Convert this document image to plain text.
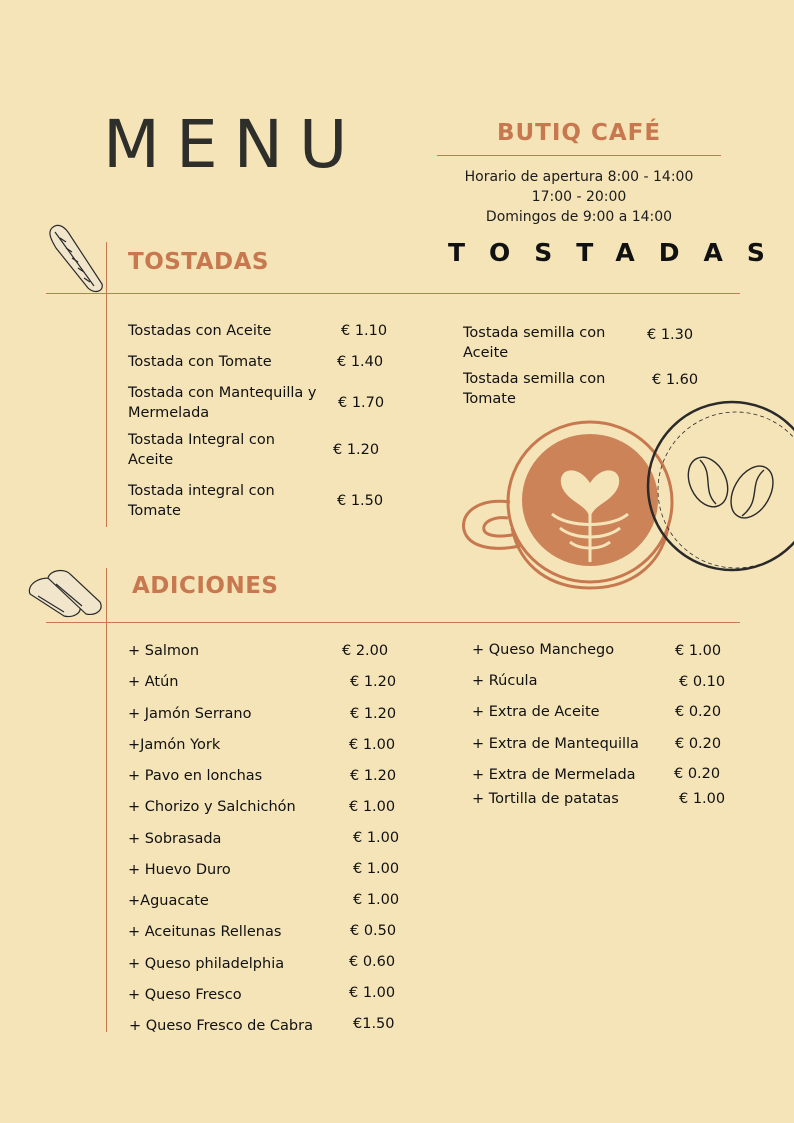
MENU	BUTIQ CAFÉ
Horario de apertura 8:00 - 14:00
17:00 - 20:00
Domingos de 9:00 a 14:00
TOSTADAS
TOSTADAS
Tostadas con Aceite	€ 1.10
Tostada con Tomate	€ 1.40
Tostada con Mantequilla y Mermelada
€ 1.70
Tostada Integral con Aceite
€ 1.20
Tostada integral con Tomate
€ 1.50
Tostada semilla con Aceite
€ 1.30
Tostada semilla con Tomate
€ 1.60
ADICIONES
+ Salmon	€ 2.00
+ Atún	€ 1.20
+ Jamón Serrano	€ 1.20
+Jamón York	€ 1.00
+ Pavo en lonchas	€ 1.20
+ Chorizo y Salchichón	€ 1.00
+ Sobrasada	€ 1.00
+ Huevo Duro	€ 1.00
+Aguacate	€ 1.00
+ Aceitunas Rellenas	€ 0.50
+ Queso philadelphia	€ 0.60
+ Queso Fresco	€ 1.00
+ Queso Fresco de Cabra	€1.50
+ Queso Manchego	€ 1.00
+ Rúcula	€ 0.10
+ Extra de Aceite	€ 0.20
+ Extra de Mantequilla € 0.20
+ Extra de Mermelada	€ 0.20
+ Tortilla de patatas	€ 1.00
